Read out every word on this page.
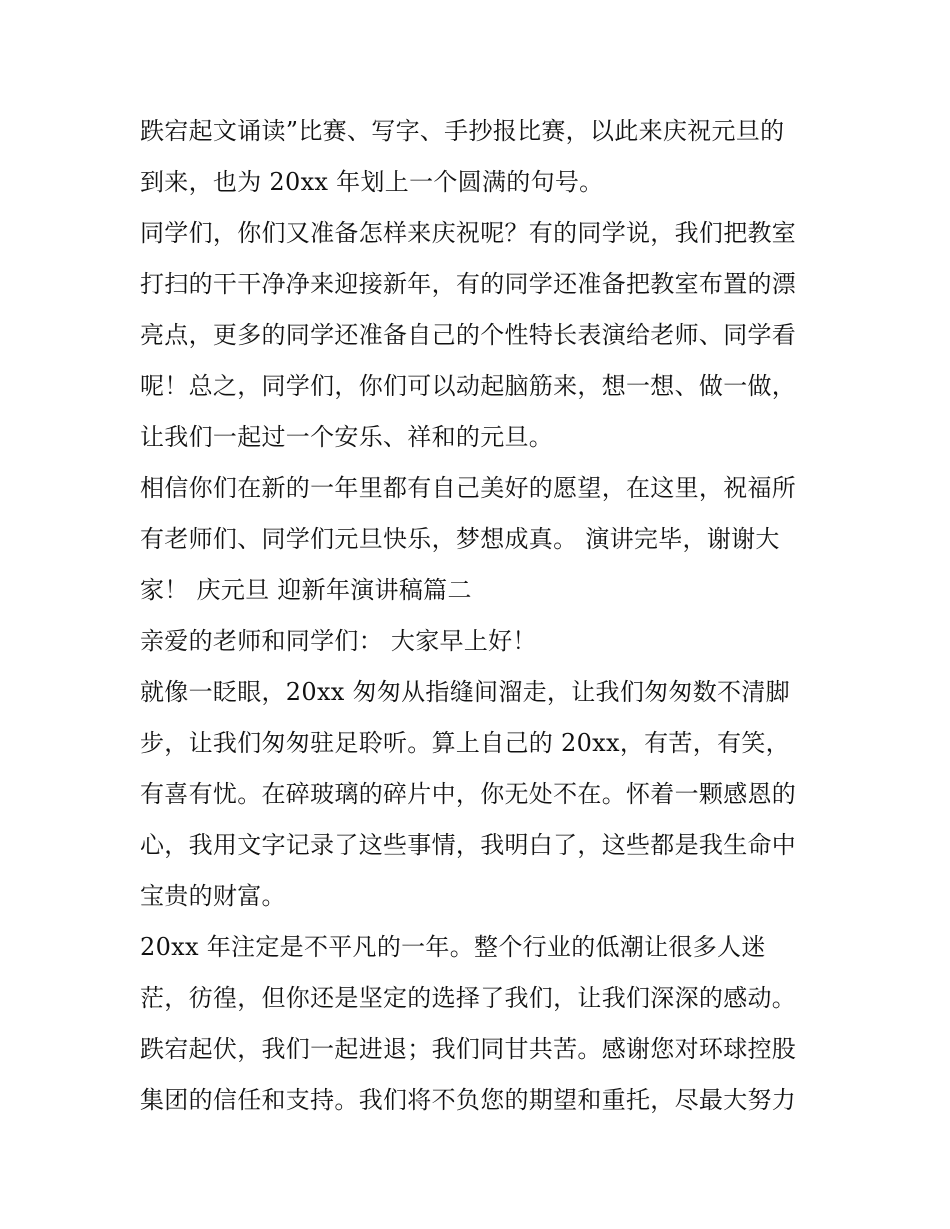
跌宕起文诵读”比赛、写字、手抄报比赛，以此来庆祝元旦的
到来，也为 20xx 年划上一个圆满的句号。
同学们，你们又准备怎样来庆祝呢？有的同学说，我们把教室
打扫的干干净净来迎接新年，有的同学还准备把教室布置的漂
亮点，更多的同学还准备自己的个性特长表演给老师、同学看
呢！总之，同学们，你们可以动起脑筋来，想一想、做一做，
让我们一起过一个安乐、祥和的元旦。
相信你们在新的一年里都有自己美好的愿望，在这里，祝福所
有老师们、同学们元旦快乐，梦想成真。 演讲完毕，谢谢大
家！ 庆元旦 迎新年演讲稿篇二
亲爱的老师和同学们： 大家早上好！
就像一眨眼，20xx 匆匆从指缝间溜走，让我们匆匆数不清脚
步，让我们匆匆驻足聆听。算上自己的 20xx，有苦，有笑，
有喜有忧。在碎玻璃的碎片中，你无处不在。怀着一颗感恩的
心，我用文字记录了这些事情，我明白了，这些都是我生命中
宝贵的财富。
20xx 年注定是不平凡的一年。整个行业的低潮让很多人迷
茫，彷徨，但你还是坚定的选择了我们，让我们深深的感动。
跌宕起伏，我们一起进退；我们同甘共苦。感谢您对环球控股
集团的信任和支持。我们将不负您的期望和重托，尽最大努力
